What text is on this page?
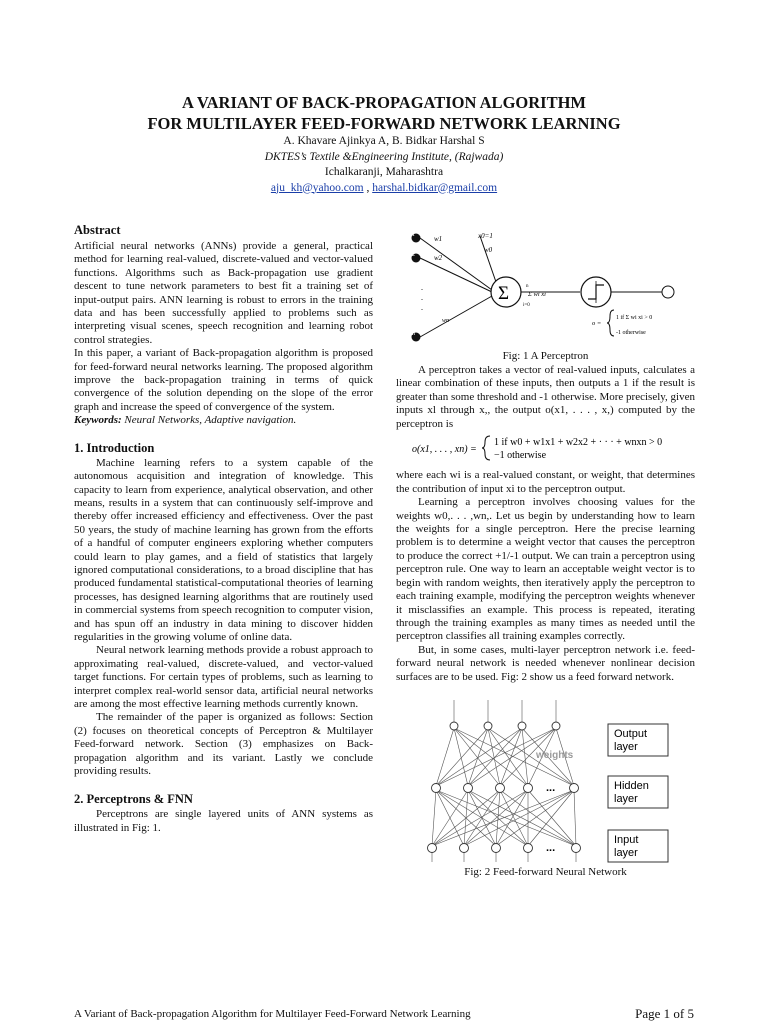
A VARIANT OF BACK-PROPAGATION ALGORITHM
FOR MULTILAYER FEED-FORWARD NETWORK LEARNING
A. Khavare Ajinkya A, B. Bidkar Harshal S
DKTES’s Textile &Engineering Institute, (Rajwada)
Ichalkaranji, Maharashtra
aju_kh@yahoo.com , harshal.bidkar@gmail.com
Abstract

Artificial neural networks (ANNs) provide a general, practical method for learning real-valued, discrete-valued and vector-valued functions. Algorithms such as Back-propagation use gradient descent to tune network parameters to best fit a training set of input-output pairs. ANN learning is robust to errors in the training data and has been successfully applied to problems such as interpreting visual scenes, speech recognition and learning robot control strategies.

In this paper, a variant of Back-propagation algorithm is proposed for feed-forward neural networks learning. The proposed algorithm improve the back-propagation training in terms of quick convergence of the solution depending on the slope of the error graph and increase the speed of convergence of the system.

Keywords: Neural Networks, Adaptive navigation.

1. Introduction

Machine learning refers to a system capable of the autonomous acquisition and integration of knowledge. This capacity to learn from experience, analytical observation, and other means, results in a system that can continuously self-improve and thereby offer increased efficiency and effectiveness. Over the past 50 years, the study of machine learning has grown from the efforts of a handful of computer engineers exploring whether computers could learn to play games, and a field of statistics that largely ignored computational considerations, to a broad discipline that has produced fundamental statistical-computational theories of learning processes, has designed learning algorithms that are routinely used in commercial systems from speech recognition to computer vision, and has spun off an industry in data mining to discover hidden regularities in the growing volume of online data.

Neural network learning methods provide a robust approach to approximating real-valued, discrete-valued, and vector-valued target functions. For certain types of problems, such as learning to interpret complex real-world sensor data, artificial neural networks are among the most effective learning methods currently known.

The remainder of the paper is organized as follows: Section (2) focuses on theoretical concepts of Perceptron & Multilayer Feed-forward network. Section (3) emphasizes on Back-propagation algorithm and its variant. Lastly we conclude providing results.

2. Perceptrons & FNN

Perceptrons are single layered units of ANN systems as illustrated in Fig: 1.

x1
x2
xn
.
.
.
w1
w2
wn
x0=1
w0
Σ	Σ wi xi
n
i=0
o =
1 if Σ wi xi > 0
-1 otherwise
Fig: 1 A Perceptron

A perceptron takes a vector of real-valued inputs, calculates a linear combination of these inputs, then outputs a 1 if the result is greater than some threshold and -1 otherwise. More precisely, given inputs xl through x,, the output o(x1, . . . , x,) computed by the perceptron is

o(x1, . . . , xn) =
1 if w0 + w1x1 + w2x2 + · · · + wnxn > 0
−1 otherwise

where each wi is a real-valued constant, or weight, that determines the contribution of input xi to the perceptron output.

Learning a perceptron involves choosing values for the weights w0,. . . ,wn,. Let us begin by understanding how to learn the weights for a single perceptron. Here the precise learning problem is to determine a weight vector that causes the perceptron to produce the correct +1/-1 output. We can train a perceptron using perceptron rule. One way to learn an acceptable weight vector is to begin with random weights, then iteratively apply the perceptron to each training example, modifying the perceptron weights whenever it misclassifies an example. This process is repeated, iterating through the training examples as many times as needed until the perceptron classifies all training examples correctly.

But, in some cases, multi-layer perceptron network i.e. feed-forward neural network is needed whenever nonlinear decision surfaces are to be used. Fig: 2 show us a feed forward network.

...
...
weights
Output
layer
Hidden
layer
Input
layer
Fig: 2 Feed-forward Neural Network
A Variant of Back-propagation Algorithm for Multilayer Feed-Forward Network Learning	Page 1 of 5
